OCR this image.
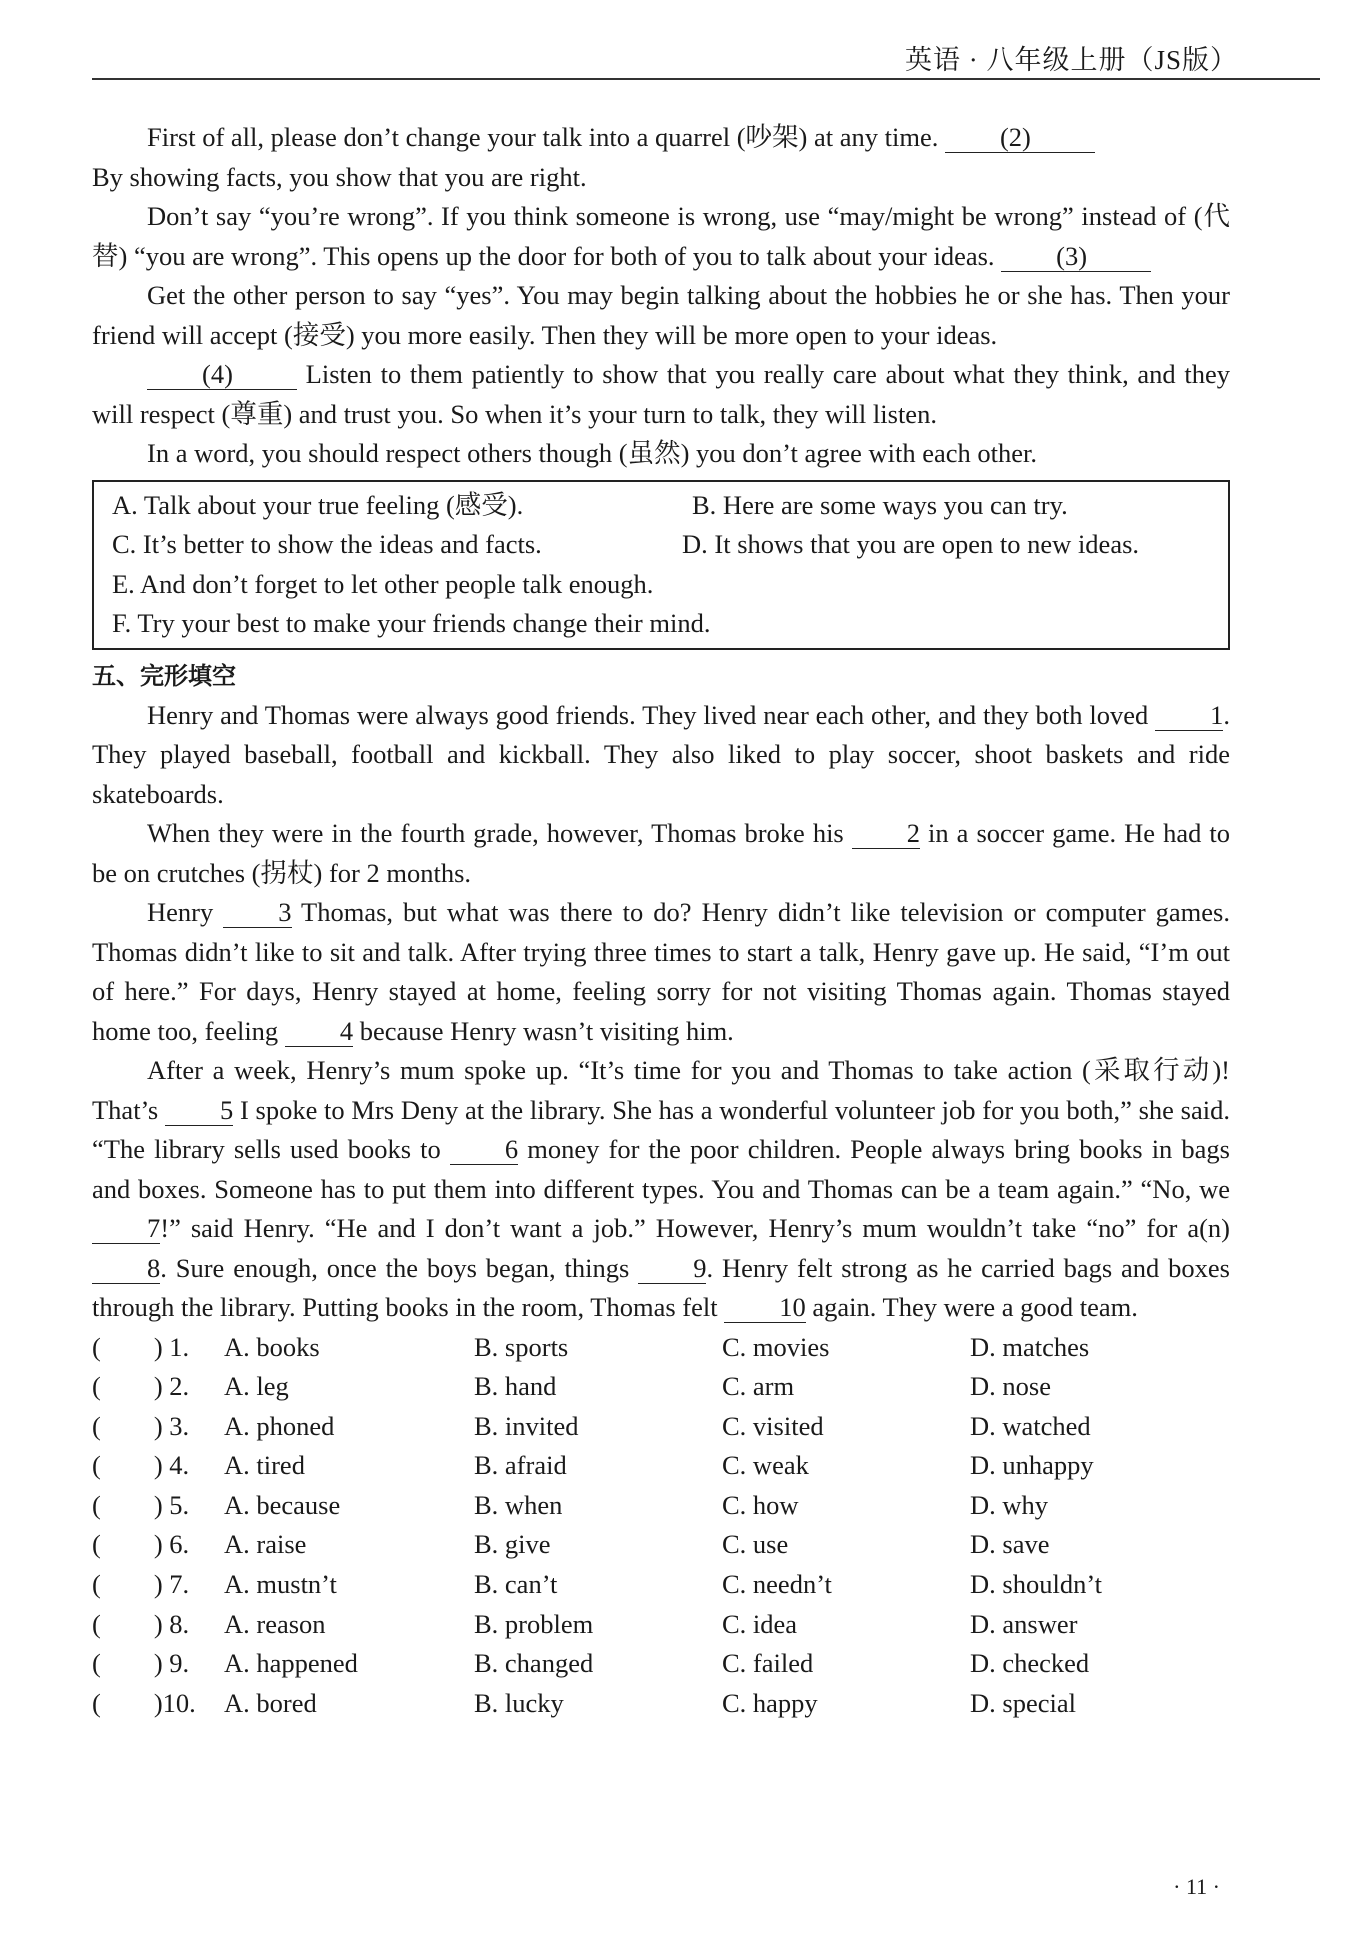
英语 · 八年级上册（JS版）

First of all, please don’t change your talk into a quarrel (吵架) at any time. (2)
By showing facts, you show that you are right.

Don’t say “you’re wrong”. If you think someone is wrong, use “may/might be wrong” instead of (代替) “you are wrong”. This opens up the door for both of you to talk about your ideas. (3)

Get the other person to say “yes”. You may begin talking about the hobbies he or she has. Then your friend will accept (接受) you more easily. Then they will be more open to your ideas.

(4) Listen to them patiently to show that you really care about what they think, and they will respect (尊重) and trust you. So when it’s your turn to talk, they will listen.

In a word, you should respect others though (虽然) you don’t agree with each other.

A. Talk about your true feeling (感受).	B. Here are some ways you can try.
C. It’s better to show the ideas and facts.	D. It shows that you are open to new ideas.
E. And don’t forget to let other people talk enough.
F. Try your best to make your friends change their mind.
五、完形填空

Henry and Thomas were always good friends. They lived near each other, and they both loved 1. They played baseball, football and kickball. They also liked to play soccer, shoot baskets and ride skateboards.

When they were in the fourth grade, however, Thomas broke his 2 in a soccer game. He had to be on crutches (拐杖) for 2 months.

Henry 3 Thomas, but what was there to do? Henry didn’t like television or computer games. Thomas didn’t like to sit and talk. After trying three times to start a talk, Henry gave up. He said, “I’m out of here.” For days, Henry stayed at home, feeling sorry for not visiting Thomas again. Thomas stayed home too, feeling 4 because Henry wasn’t visiting him.

After a week, Henry’s mum spoke up. “It’s time for you and Thomas to take action (采取行动)! That’s 5 I spoke to Mrs Deny at the library. She has a wonderful volunteer job for you both,” she said. “The library sells used books to 6 money for the poor children. People always bring books in bags and boxes. Someone has to put them into different types. You and Thomas can be a team again.” “No, we 7!” said Henry. “He and I don’t want a job.” However, Henry’s mum wouldn’t take “no” for a(n) 8. Sure enough, once the boys began, things 9. Henry felt strong as he carried bags and boxes through the library. Putting books in the room, Thomas felt 10 again. They were a good team.

(　　) 1.	A. books	B. sports	C. movies	D. matches
(　　) 2.	A. leg	B. hand	C. arm	D. nose
(　　) 3.	A. phoned	B. invited	C. visited	D. watched
(　　) 4.	A. tired	B. afraid	C. weak	D. unhappy
(　　) 5.	A. because	B. when	C. how	D. why
(　　) 6.	A. raise	B. give	C. use	D. save
(　　) 7.	A. mustn’t	B. can’t	C. needn’t	D. shouldn’t
(　　) 8.	A. reason	B. problem	C. idea	D. answer
(　　) 9.	A. happened	B. changed	C. failed	D. checked
(　　)10.	A. bored	B. lucky	C. happy	D. special
· 11 ·
